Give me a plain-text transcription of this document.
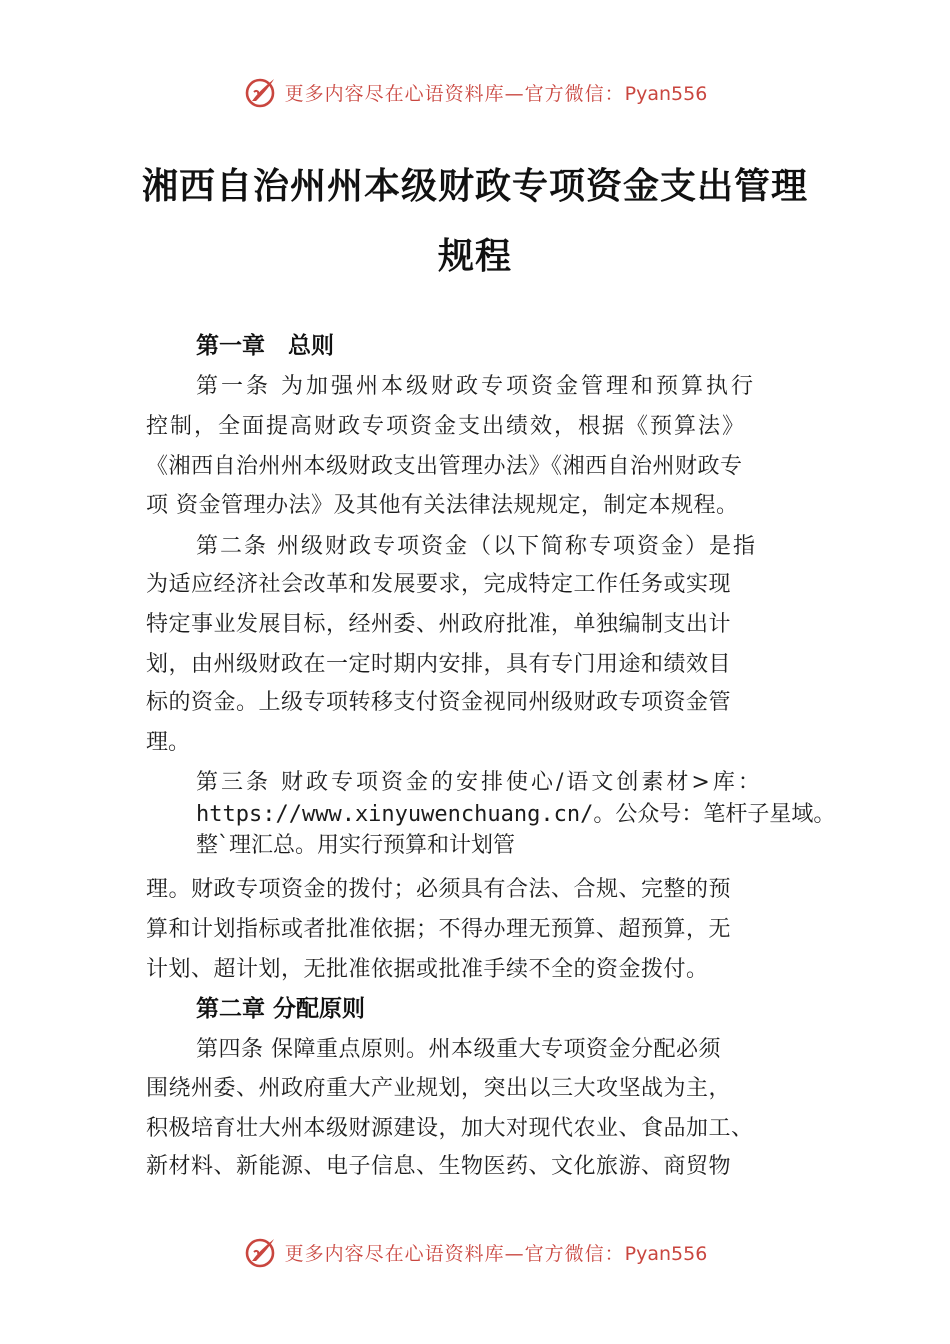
更多内容尽在心语资料库—官方微信：Pyan556
湘西自治州州本级财政专项资金支出管理
规程

第一章　总则

第一条 为加强州本级财政专项资金管理和预算执行

控制，全面提高财政专项资金支出绩效，根据《预算法》

《湘西自治州州本级财政支出管理办法》《湘西自治州财政专

项 资金管理办法》及其他有关法律法规规定，制定本规程。

第二条 州级财政专项资金（以下简称专项资金）是指

为适应经济社会改革和发展要求，完成特定工作任务或实现

特定事业发展目标，经州委、州政府批准，单独编制支出计

划，由州级财政在一定时期内安排，具有专门用途和绩效目

标的资金。上级专项转移支付资金视同州级财政专项资金管

理。

第三条 财政专项资金的安排使心/语文创素材>库：

https://www.xinyuwenchuang.cn/。公众号：笔杆子星域。

整`理汇总。用实行预算和计划管

理。财政专项资金的拨付；必须具有合法、合规、完整的预

算和计划指标或者批准依据；不得办理无预算、超预算，无

计划、超计划，无批准依据或批准手续不全的资金拨付。

第二章 分配原则

第四条 保障重点原则。州本级重大专项资金分配必须

围绕州委、州政府重大产业规划，突出以三大攻坚战为主，

积极培育壮大州本级财源建设，加大对现代农业、食品加工、

新材料、新能源、电子信息、生物医药、文化旅游、商贸物

更多内容尽在心语资料库—官方微信：Pyan556
